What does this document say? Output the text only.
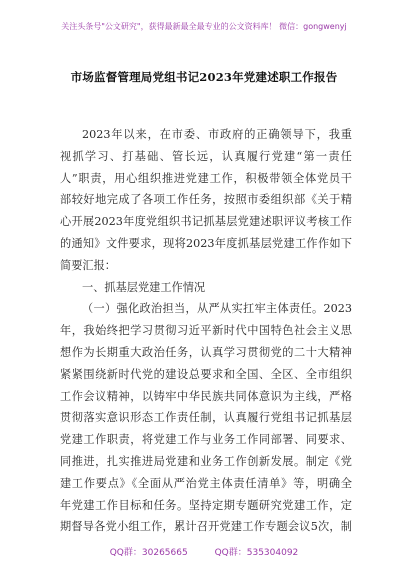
关注头条号"公文研究"，获得最新最全最专业的公文资料库！ 微信：gongwenyj
市场监督管理局党组书记2023年党建述职工作报告
2023年以来，在市委、市政府的正确领导下，我重
视抓学习、打基础、管长远，认真履行党建“第一责任
人”职责，用心组织推进党建工作，积极带领全体党员干
部较好地完成了各项工作任务，按照市委组织部《关于精
心开展2023年度党组织书记抓基层党建述职评议考核工作
的通知》文件要求，现将2023年度抓基层党建工作作如下
简要汇报：
一、抓基层党建工作情况
（一）强化政治担当，从严从实扛牢主体责任。2023
年，我始终把学习贯彻习近平新时代中国特色社会主义思
想作为长期重大政治任务，认真学习贯彻党的二十大精神
紧紧围绕新时代党的建设总要求和全国、全区、全市组织
工作会议精神，以铸牢中华民族共同体意识为主线，严格
贯彻落实意识形态工作责任制，认真履行党组书记抓基层
党建工作职责，将党建工作与业务工作同部署、同要求、
同推进，扎实推进局党建和业务工作创新发展。制定《党
建工作要点》《全面从严治党主体责任清单》等，明确全
年党建工作目标和任务。坚持定期专题研究党建工作，定
期督导各党小组工作，累计召开党建工作专题会议5次，制
QQ群：30265665	QQ群：535304092
